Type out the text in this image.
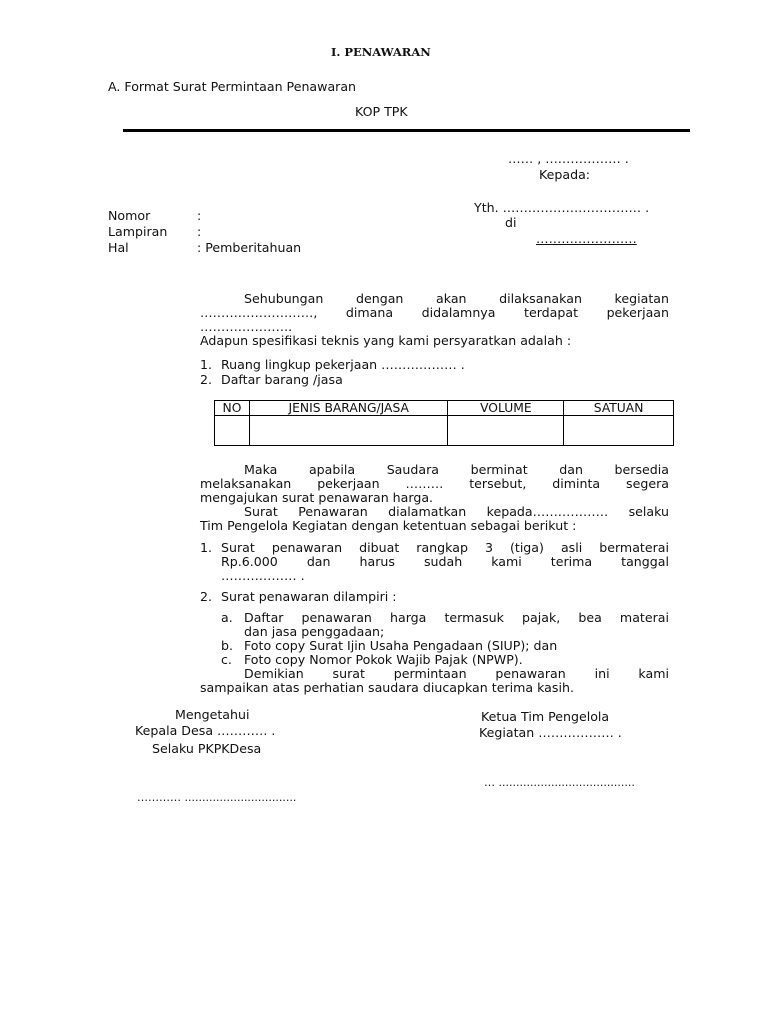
I. PENAWARAN
A. Format Surat Permintaan Penawaran
KOP TPK
…… , ……………… .
Kepada:
Yth. …………………………… .
di
……………………
Nomor	:
Lampiran :
Hal	: Pemberitahuan
Sehubungan dengan akan dilaksanakan kegiatan
………………………, dimana didalamnya terdapat pekerjaan
………………….
Adapun spesifikasi teknis yang kami persyaratkan adalah :
1. Ruang lingkup pekerjaan ……………… .
2. Daftar barang /jasa
NO	JENIS BARANG/JASA	VOLUME	SATUAN

Maka apabila Saudara berminat dan bersedia
melaksanakan pekerjaan ……… tersebut, diminta segera
mengajukan surat penawaran harga.
Surat Penawaran dialamatkan kepada……………… selaku
Tim Pengelola Kegiatan dengan ketentuan sebagai berikut :
1. Surat penawaran dibuat rangkap 3 (tiga) asli bermaterai
Rp.6.000 dan harus sudah kami terima tanggal
……………… .
2. Surat penawaran dilampiri :
a. Daftar penawaran harga termasuk pajak, bea materai
dan jasa penggadaan;
b. Foto copy Surat Ijin Usaha Pengadaan (SIUP); dan
c. Foto copy Nomor Pokok Wajib Pajak (NPWP).
Demikian surat permintaan penawaran ini kami
sampaikan atas perhatian saudara diucapkan terima kasih.
Mengetahui
Kepala Desa ………… .
Selaku PKPKDesa
………… ................................
Ketua Tim Pengelola
Kegiatan ……………… .
… .......................................
